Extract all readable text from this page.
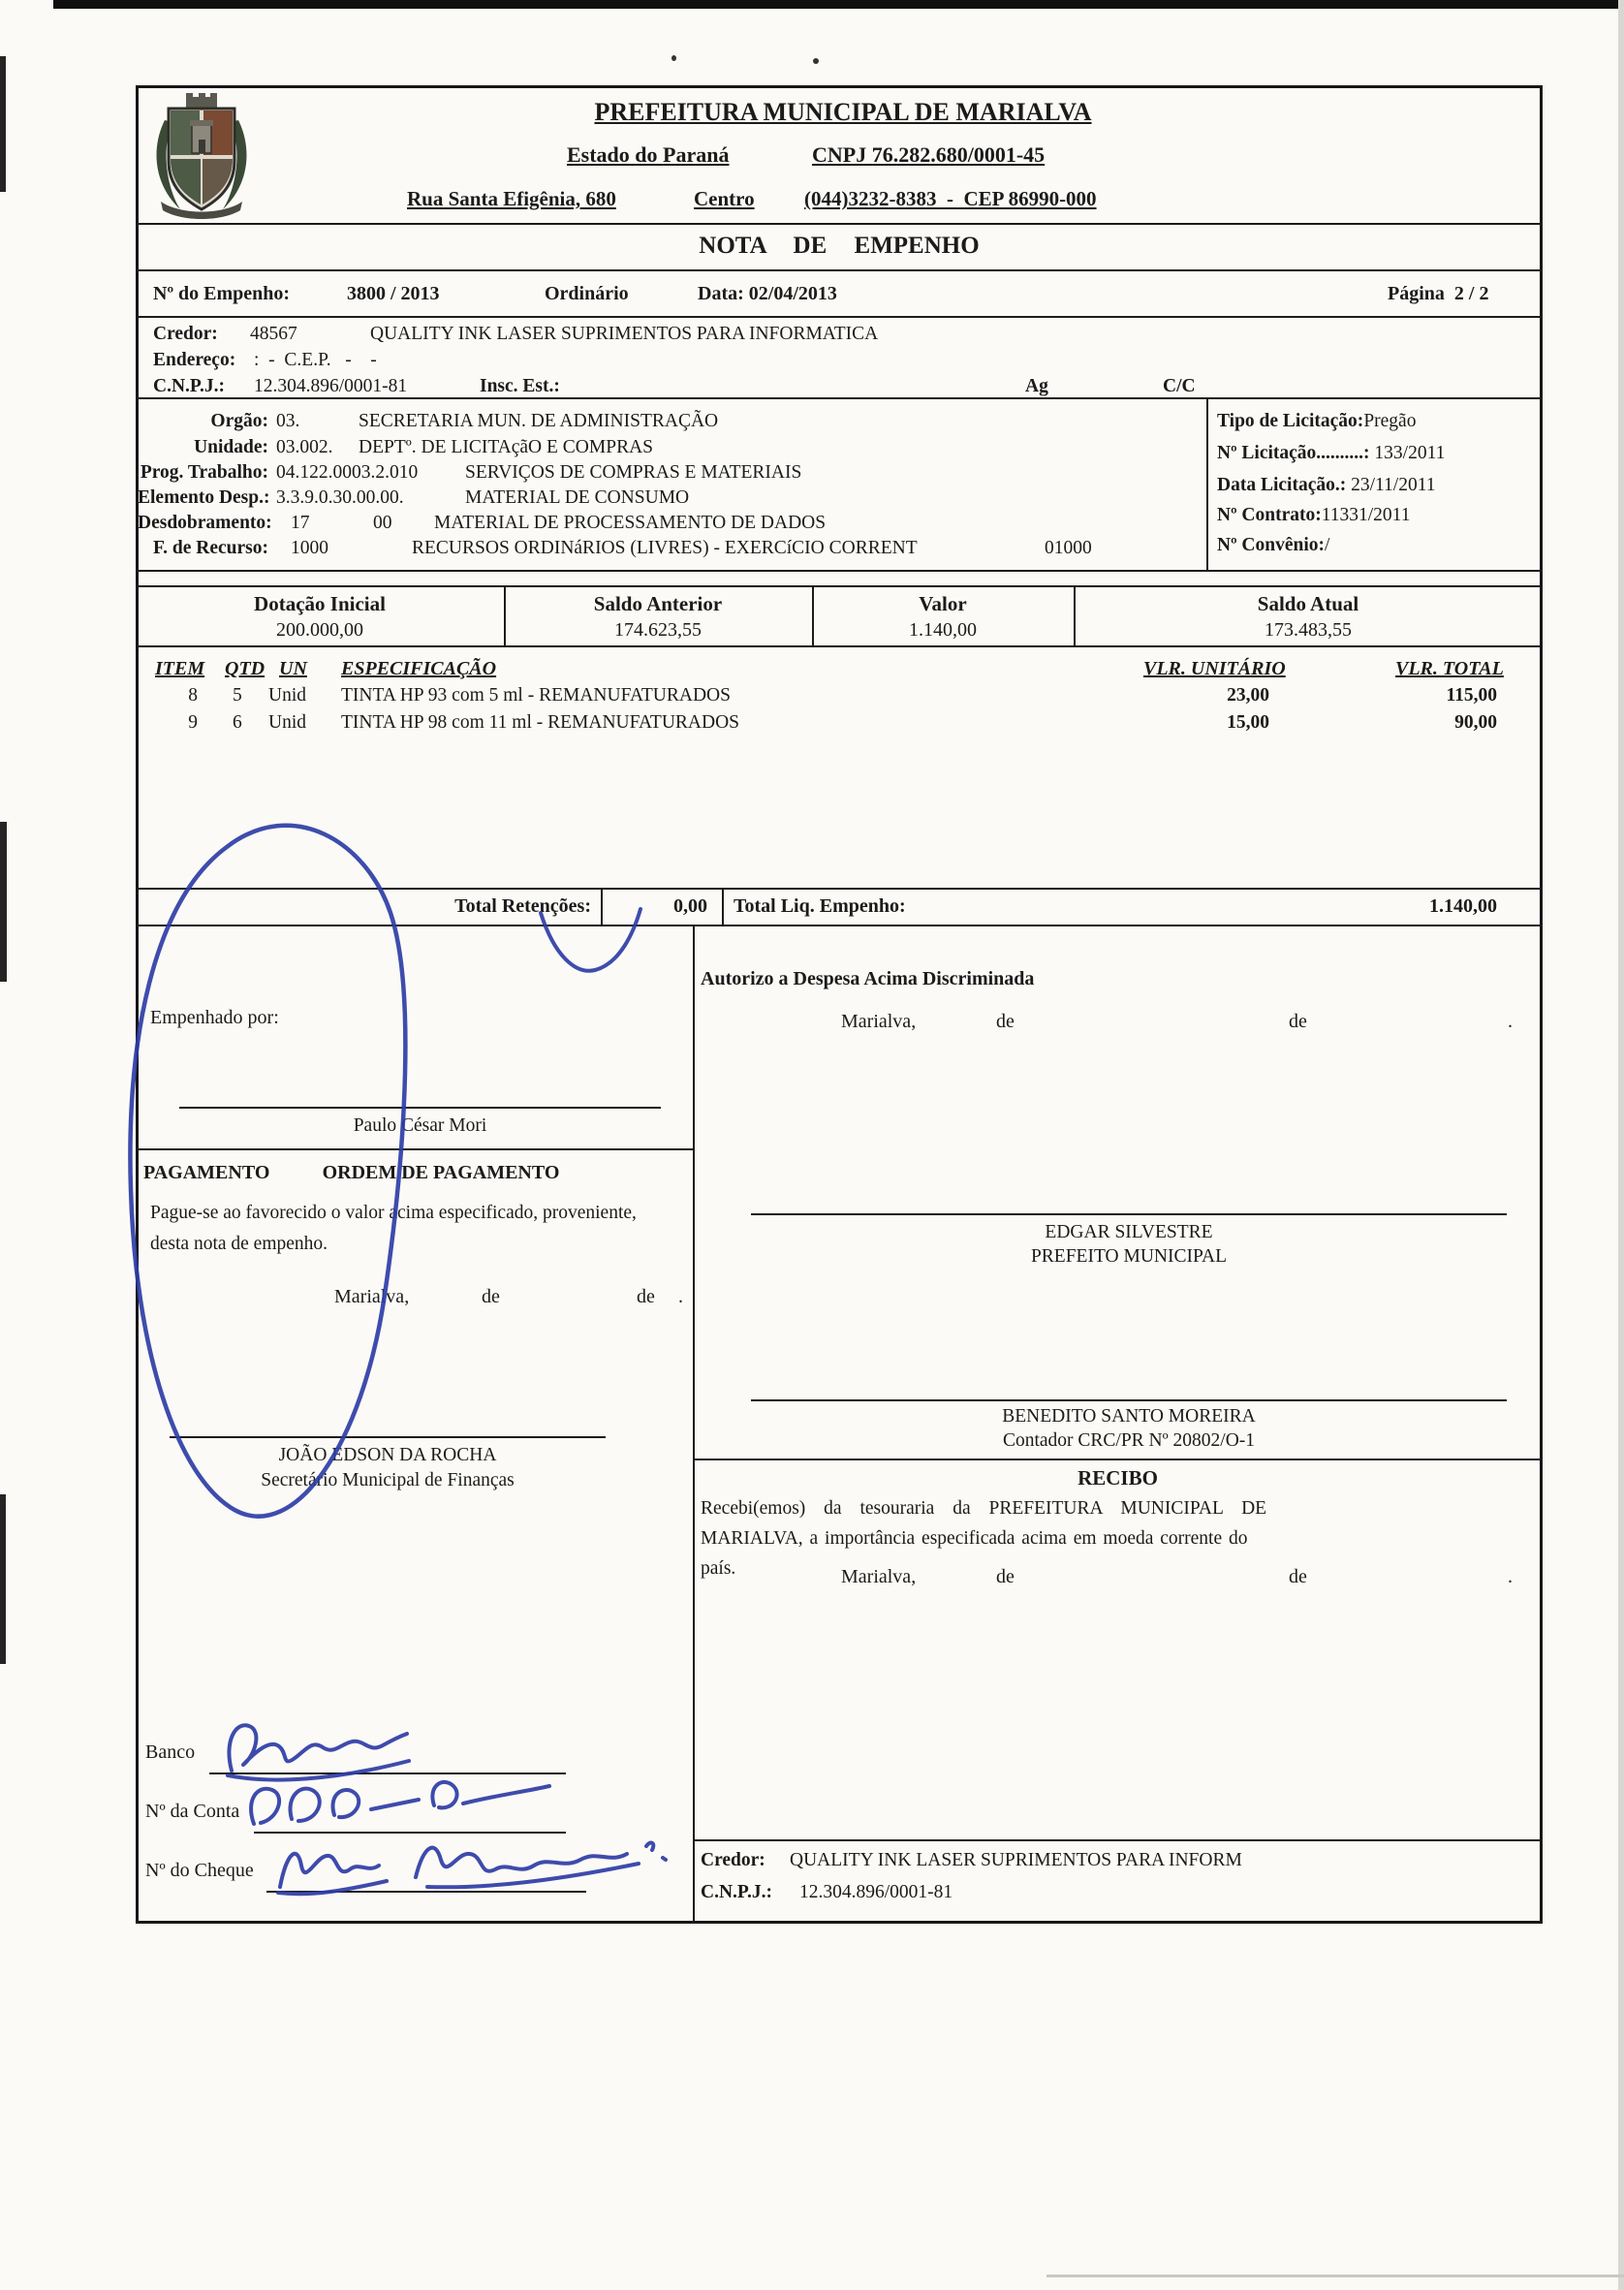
PREFEITURA MUNICIPAL DE MARIALVA
Estado do Paraná	CNPJ 76.282.680/0001-45
Rua Santa Efigênia, 680	Centro (044)3232-8383  -  CEP 86990-000
NOTA DE EMPENHO
Nº do Empenho:	3800 / 2013	Ordinário	Data: 02/04/2013	Página  2 / 2
Credor: 48567	QUALITY INK LASER SUPRIMENTOS PARA INFORMATICA
Endereço: :  -  C.E.P.   -    -
C.N.P.J.: 12.304.896/0001-81	Insc. Est.:	Ag	C/C
Orgão: 03.	SECRETARIA MUN. DE ADMINISTRAÇÃO
Unidade: 03.002. DEPTº. DE LICITAçãO E COMPRAS
Prog. Trabalho: 04.122.0003.2.010	SERVIÇOS DE COMPRAS E MATERIAIS
Elemento Desp.: 3.3.9.0.30.00.00.	MATERIAL DE CONSUMO
Desdobramento: 17	00 MATERIAL DE PROCESSAMENTO DE DADOS
F. de Recurso: 1000	RECURSOS ORDINáRIOS (LIVRES) - EXERCíCIO CORRENT	01000
Tipo de Licitação:Pregão
Nº Licitação..........: 133/2011
Data Licitação.: 23/11/2011
Nº Contrato:11331/2011
Nº Convênio:/
Dotação Inicial	Saldo Anterior	Valor	Saldo Atual
200.000,00	174.623,55	1.140,00	173.483,55
ITEM QTD UN ESPECIFICAÇÃO	VLR. UNITÁRIO	VLR. TOTAL
8 5 Unid TINTA HP 93 com 5 ml - REMANUFATURADOS	23,00	115,00
9 6 Unid TINTA HP 98 com 11 ml - REMANUFATURADOS	15,00	90,00
Total Retenções:	0,00 Total Liq. Empenho:	1.140,00
Empenhado por:
Paulo César Mori
PAGAMENTO	ORDEM DE PAGAMENTO
Pague-se ao favorecido o valor acima especificado, proveniente, desta nota de empenho.
Marialva,	de	de .
JOÃO EDSON DA ROCHA
Secretário Municipal de Finanças
Banco
Nº da Conta
Nº do Cheque
Autorizo a Despesa Acima Discriminada
Marialva,	de	de	.
EDGAR SILVESTRE
PREFEITO MUNICIPAL
BENEDITO SANTO MOREIRA
Contador CRC/PR Nº 20802/O-1
RECIBO
Recebi(emos) da tesouraria da PREFEITURA MUNICIPAL DE
MARIALVA, a importância especificada acima em moeda corrente do
país.	Marialva,	de	de	.
Credor: QUALITY INK LASER SUPRIMENTOS PARA INFORM
C.N.P.J.: 12.304.896/0001-81
